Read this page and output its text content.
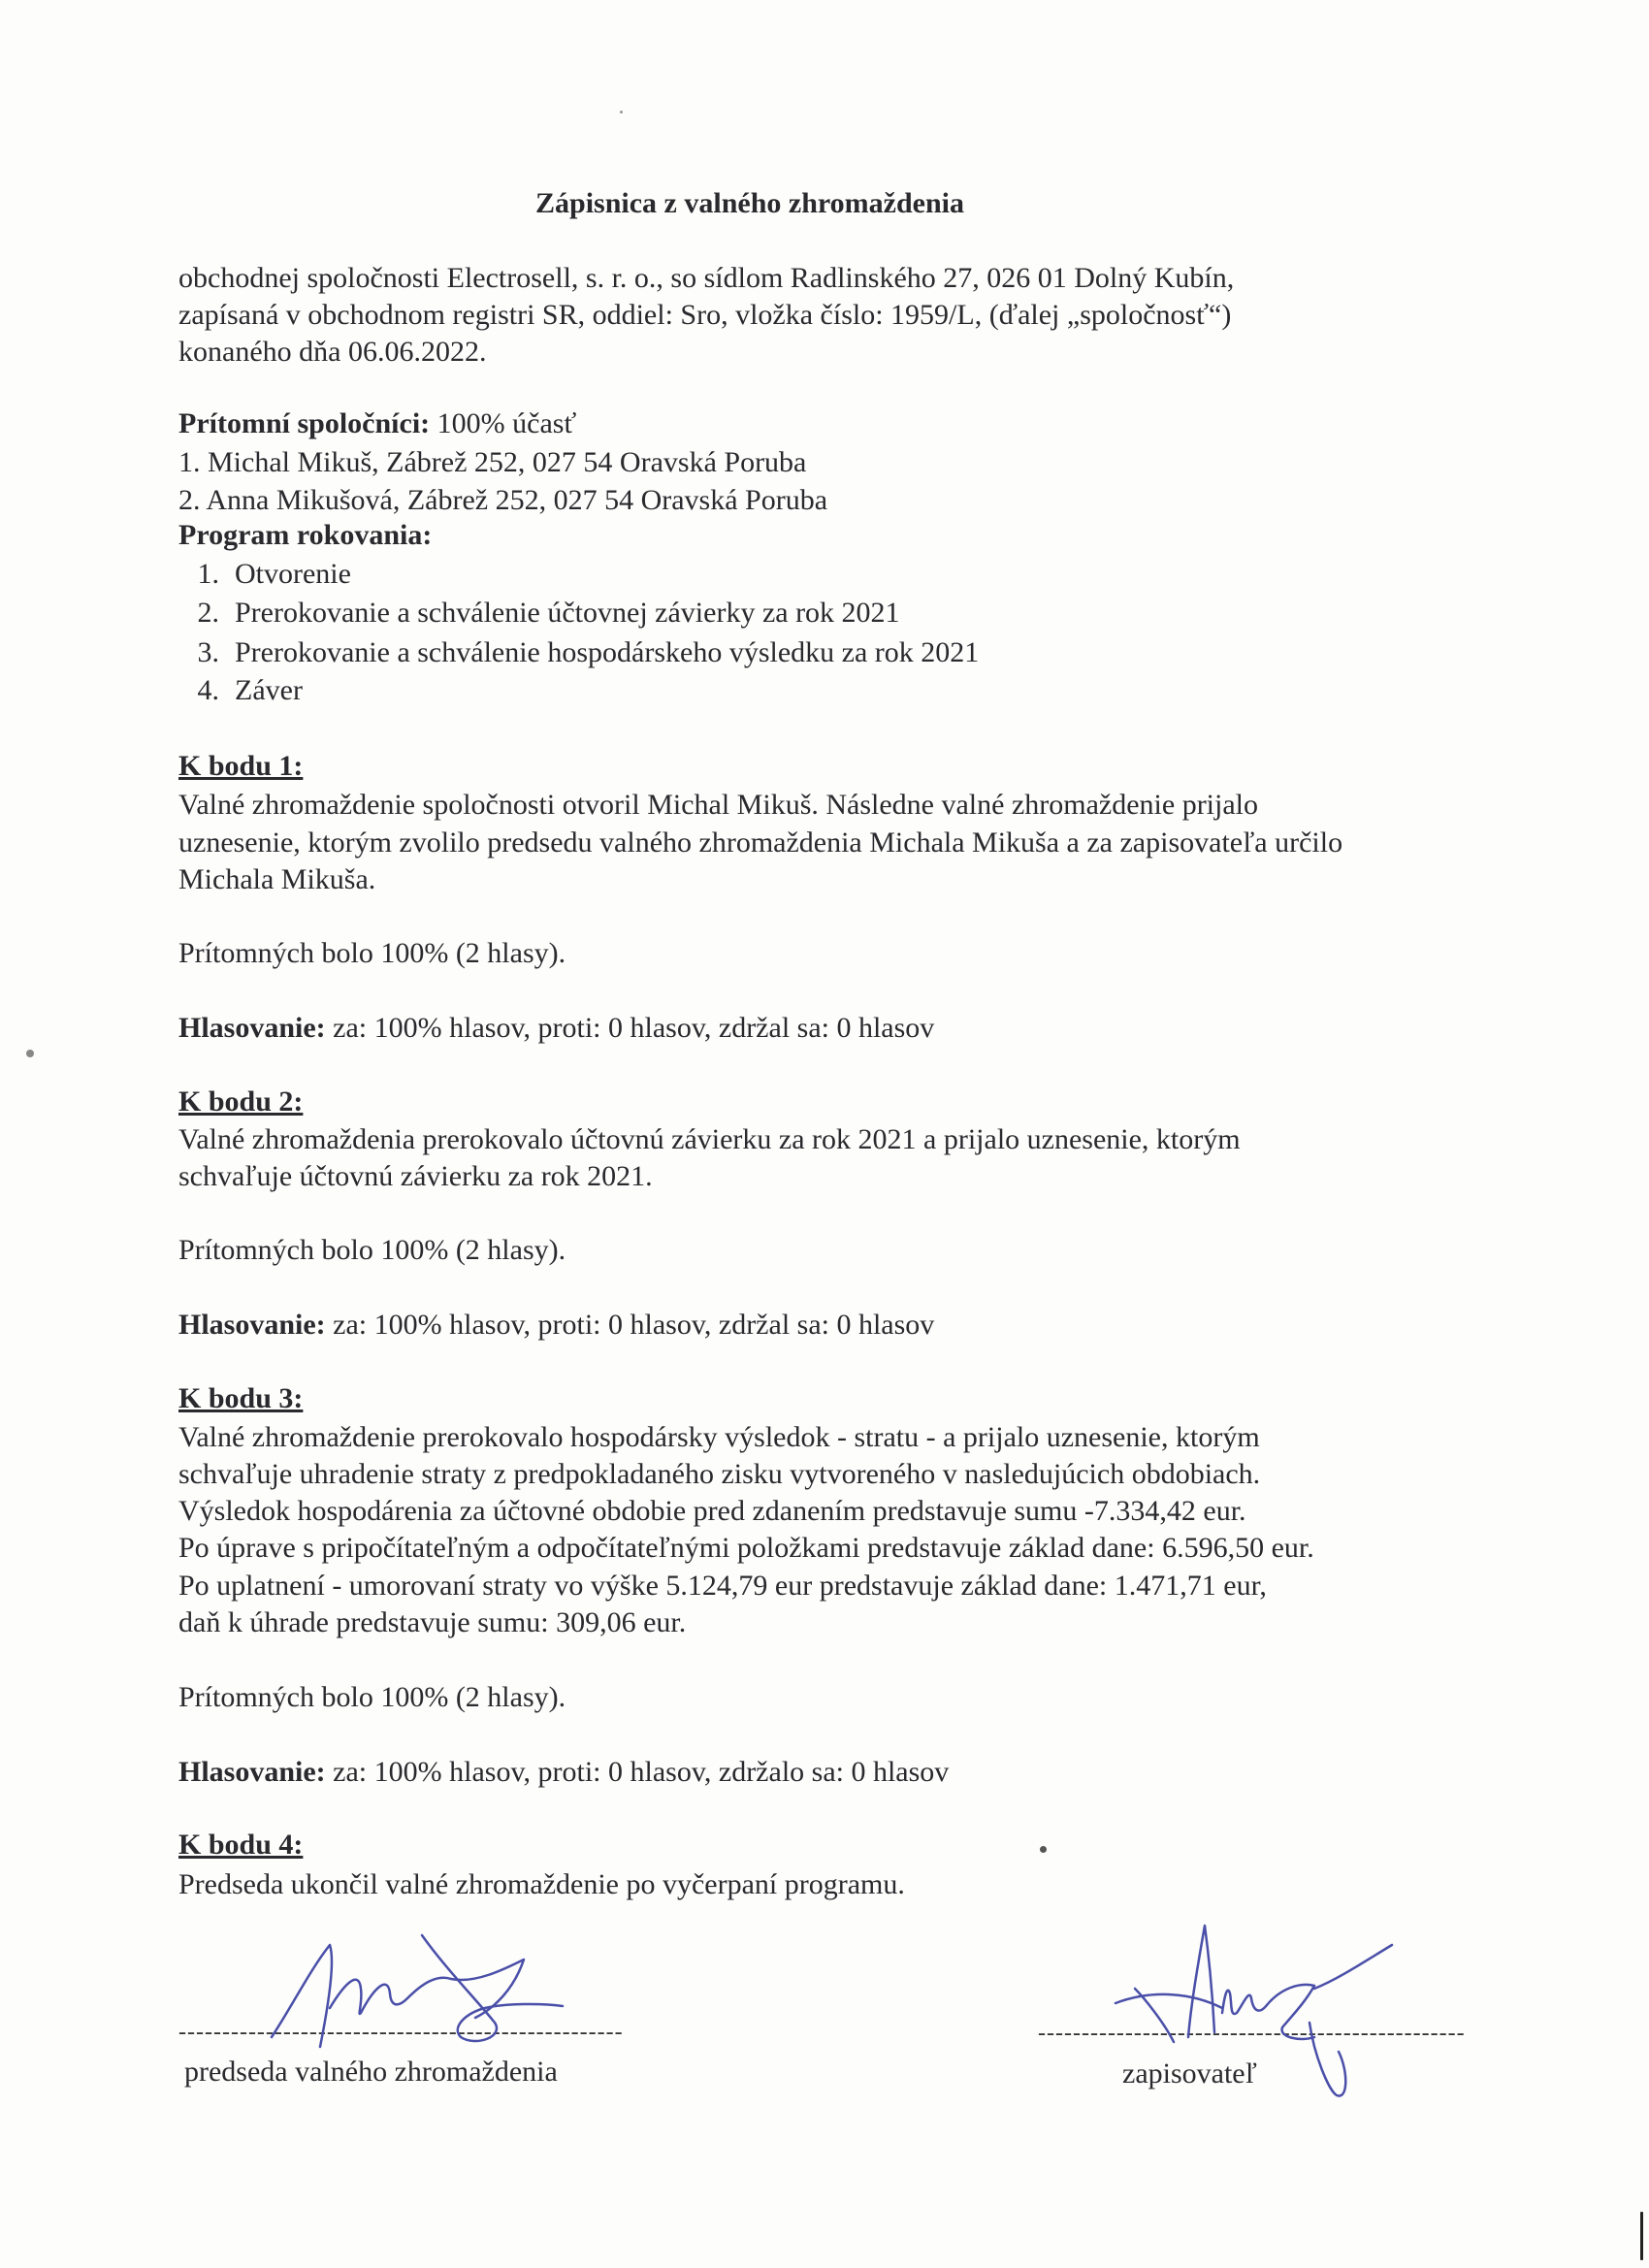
Zápisnica z valného zhromaždenia
obchodnej spoločnosti Electrosell, s. r. o., so sídlom Radlinského 27, 026 01 Dolný Kubín,
zapísaná v obchodnom registri SR, oddiel: Sro, vložka číslo: 1959/L, (ďalej „spoločnosť“)
konaného dňa 06.06.2022.
Prítomní spoločníci: 100% účasť
1. Michal Mikuš, Zábrež 252, 027 54 Oravská Poruba
2. Anna Mikušová, Zábrež 252, 027 54 Oravská Poruba
Program rokovania:
1. Otvorenie
2. Prerokovanie a schválenie účtovnej závierky za rok 2021
3. Prerokovanie a schválenie hospodárskeho výsledku za rok 2021
4. Záver
K bodu 1:
Valné zhromaždenie spoločnosti otvoril Michal Mikuš. Následne valné zhromaždenie prijalo
uznesenie, ktorým zvolilo predsedu valného zhromaždenia Michala Mikuša a za zapisovateľa určilo
Michala Mikuša.
Prítomných bolo 100% (2 hlasy).
Hlasovanie: za: 100% hlasov, proti: 0 hlasov, zdržal sa: 0 hlasov
K bodu 2:
Valné zhromaždenia prerokovalo účtovnú závierku za rok 2021 a prijalo uznesenie, ktorým
schvaľuje účtovnú závierku za rok 2021.
Prítomných bolo 100% (2 hlasy).
Hlasovanie: za: 100% hlasov, proti: 0 hlasov, zdržal sa: 0 hlasov
K bodu 3:
Valné zhromaždenie prerokovalo hospodársky výsledok - stratu - a prijalo uznesenie, ktorým
schvaľuje uhradenie straty z predpokladaného zisku vytvoreného v nasledujúcich obdobiach.
Výsledok hospodárenia za účtovné obdobie pred zdanením predstavuje sumu -7.334,42 eur.
Po úprave s pripočítateľným a odpočítateľnými položkami predstavuje základ dane: 6.596,50 eur.
Po uplatnení - umorovaní straty vo výške 5.124,79 eur predstavuje základ dane: 1.471,71 eur,
daň k úhrade predstavuje sumu: 309,06 eur.
Prítomných bolo 100% (2 hlasy).
Hlasovanie: za: 100% hlasov, proti: 0 hlasov, zdržalo sa: 0 hlasov
K bodu 4:
Predseda ukončil valné zhromaždenie po vyčerpaní programu.
---------------------------------------------------
predseda valného zhromaždenia
-------------------------------------------------
zapisovateľ
